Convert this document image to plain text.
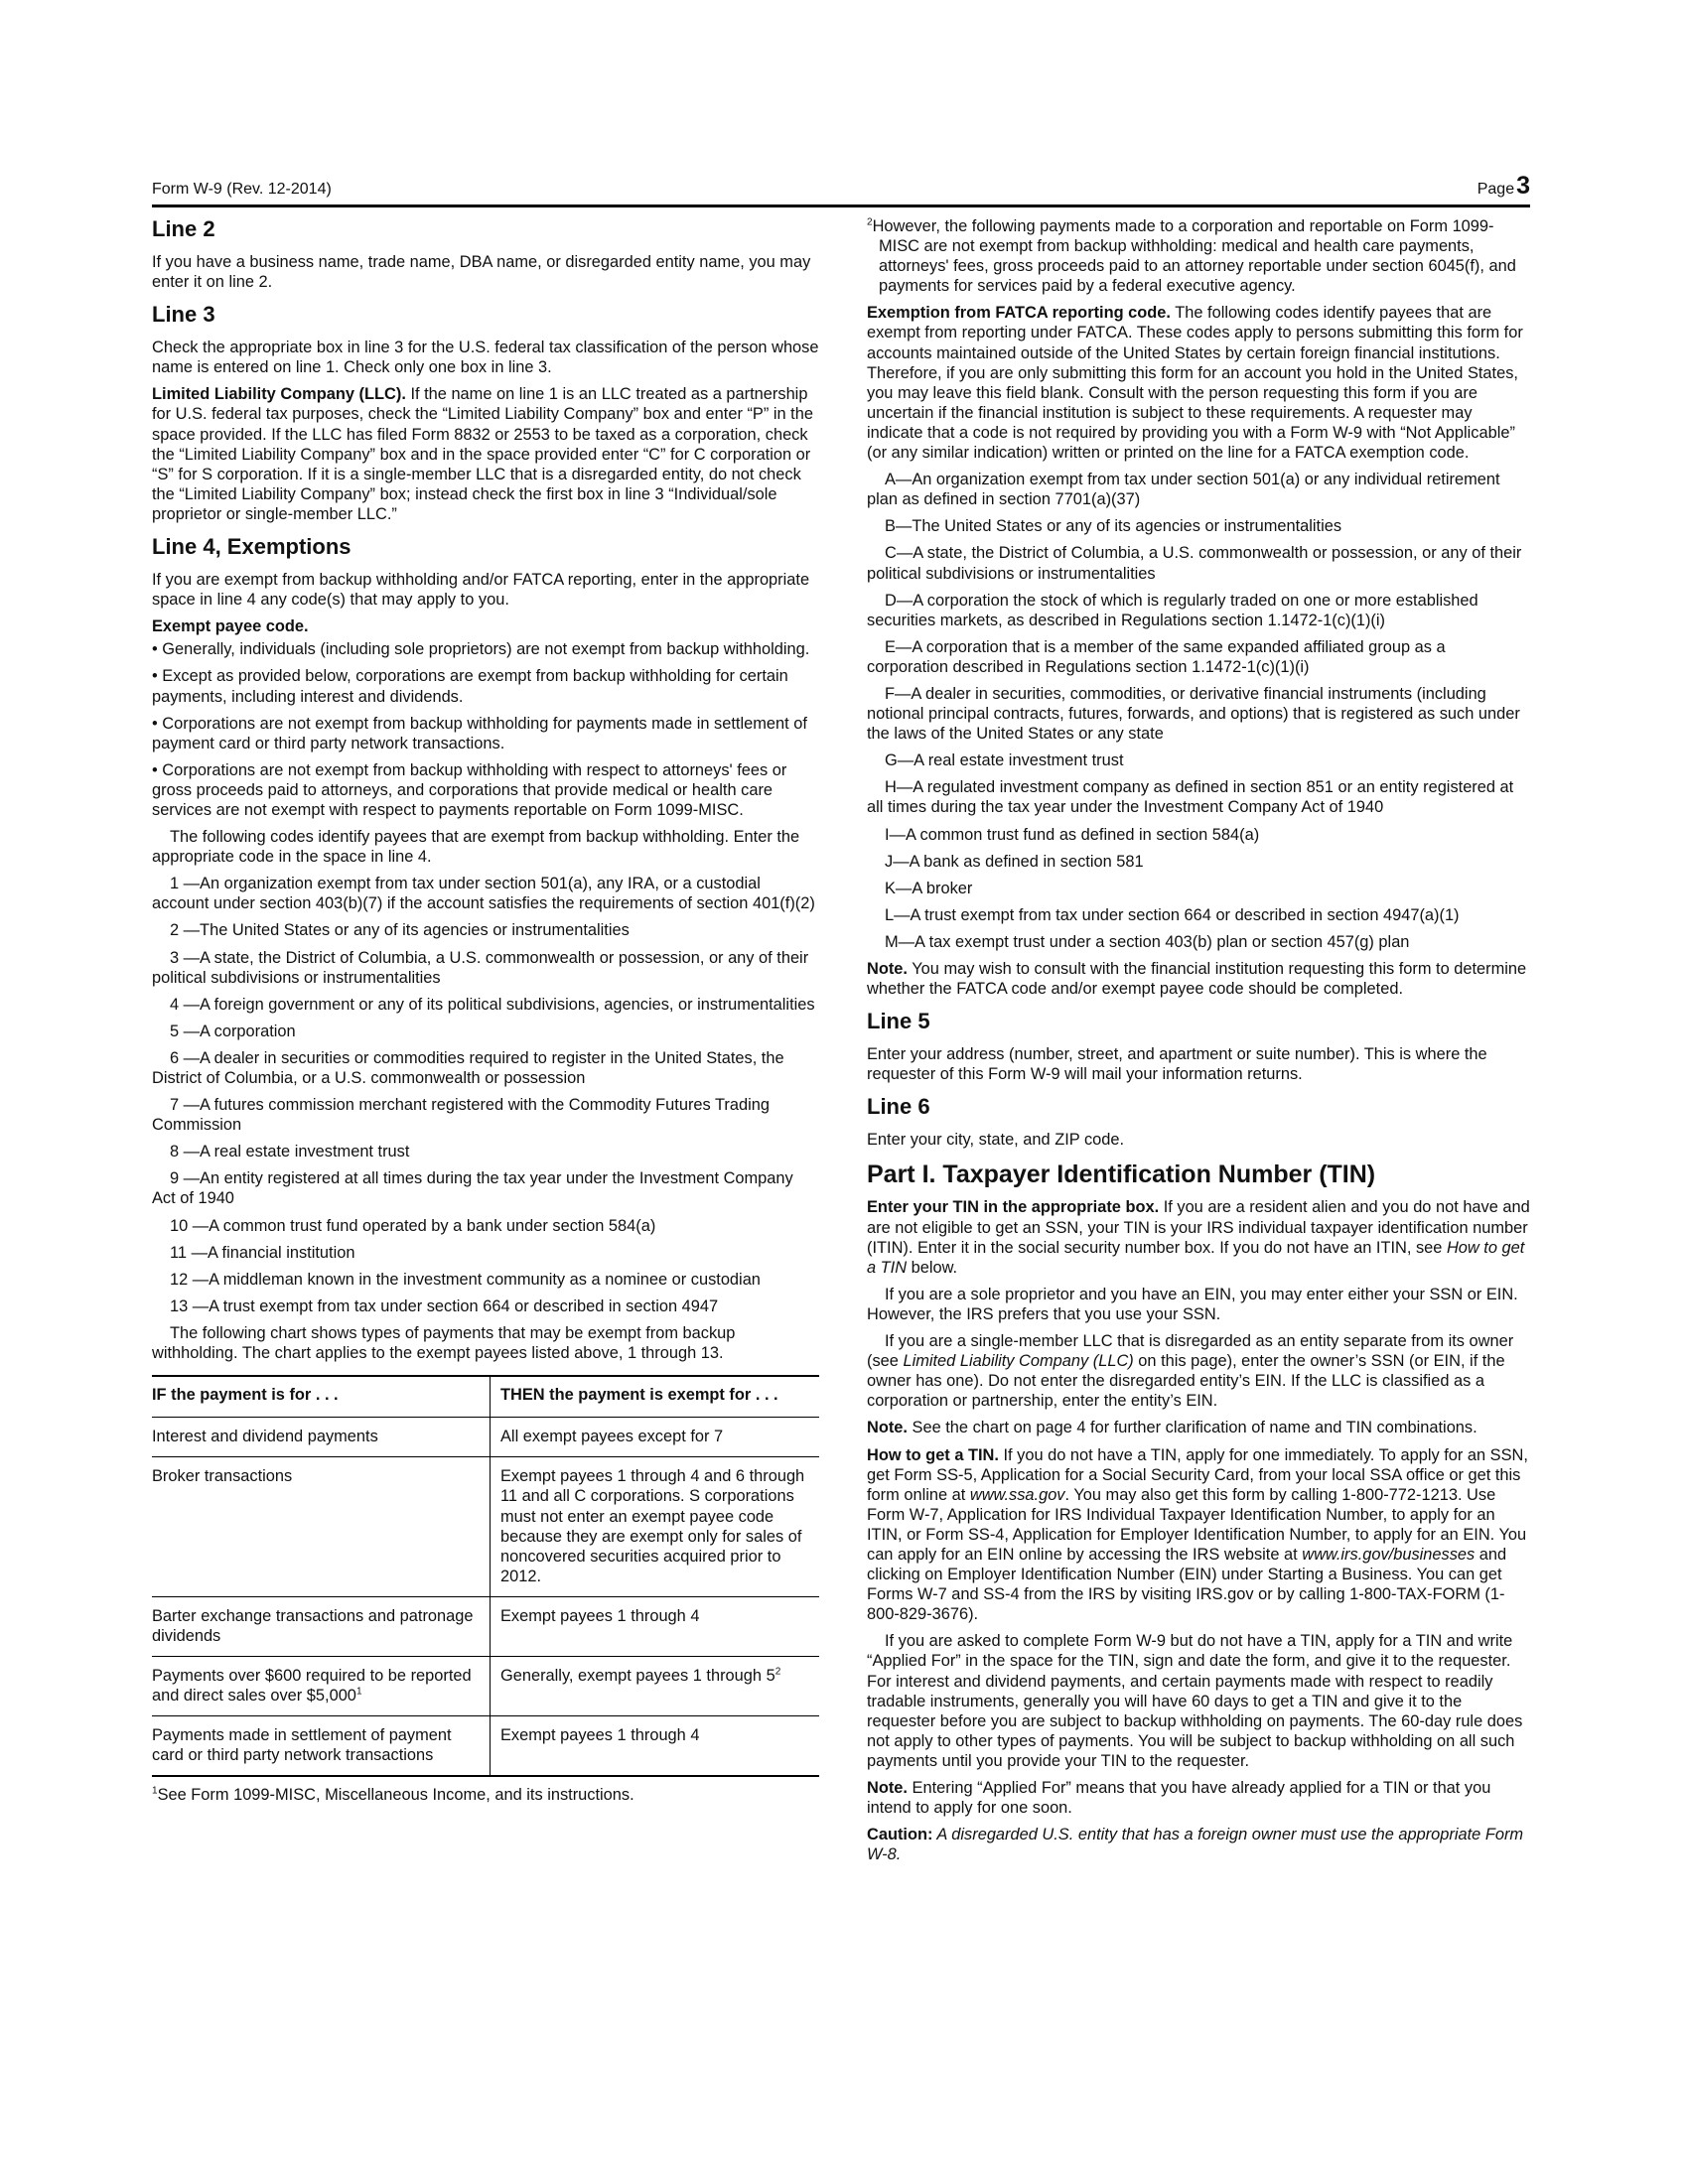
Form W-9 (Rev. 12-2014)	Page3
Line 2

If you have a business name, trade name, DBA name, or disregarded entity name, you may enter it on line 2.

Line 3

Check the appropriate box in line 3 for the U.S. federal tax classification of the person whose name is entered on line 1. Check only one box in line 3.

Limited Liability Company (LLC). If the name on line 1 is an LLC treated as a partnership for U.S. federal tax purposes, check the “Limited Liability Company” box and enter “P” in the space provided. If the LLC has filed Form 8832 or 2553 to be taxed as a corporation, check the “Limited Liability Company” box and in the space provided enter “C” for C corporation or “S” for S corporation. If it is a single-member LLC that is a disregarded entity, do not check the “Limited Liability Company” box; instead check the first box in line 3 “Individual/sole proprietor or single-member LLC.”

Line 4, Exemptions

If you are exempt from backup withholding and/or FATCA reporting, enter in the appropriate space in line 4 any code(s) that may apply to you.

Exempt payee code.

• Generally, individuals (including sole proprietors) are not exempt from backup withholding.

• Except as provided below, corporations are exempt from backup withholding for certain payments, including interest and dividends.

• Corporations are not exempt from backup withholding for payments made in settlement of payment card or third party network transactions.

• Corporations are not exempt from backup withholding with respect to attorneys' fees or gross proceeds paid to attorneys, and corporations that provide medical or health care services are not exempt with respect to payments reportable on Form 1099-MISC.

The following codes identify payees that are exempt from backup withholding. Enter the appropriate code in the space in line 4.

1 —An organization exempt from tax under section 501(a), any IRA, or a custodial account under section 403(b)(7) if the account satisfies the requirements of section 401(f)(2)

2 —The United States or any of its agencies or instrumentalities

3 —A state, the District of Columbia, a U.S. commonwealth or possession, or any of their political subdivisions or instrumentalities

4 —A foreign government or any of its political subdivisions, agencies, or instrumentalities

5 —A corporation

6 —A dealer in securities or commodities required to register in the United States, the District of Columbia, or a U.S. commonwealth or possession

7 —A futures commission merchant registered with the Commodity Futures Trading Commission

8 —A real estate investment trust

9 —An entity registered at all times during the tax year under the Investment Company Act of 1940

10 —A common trust fund operated by a bank under section 584(a)

11 —A financial institution

12 —A middleman known in the investment community as a nominee or custodian

13 —A trust exempt from tax under section 664 or described in section 4947

The following chart shows types of payments that may be exempt from backup withholding. The chart applies to the exempt payees listed above, 1 through 13.

IF the payment is for . . .	THEN the payment is exempt for . . .
Interest and dividend payments	All exempt payees except for 7
Broker transactions	Exempt payees 1 through 4 and 6 through 11 and all C corporations. S corporations must not enter an exempt payee code because they are exempt only for sales of noncovered securities acquired prior to 2012.
Barter exchange transactions and patronage dividends	Exempt payees 1 through 4
Payments over $600 required to be reported and direct sales over $5,000$^1$	Generally, exempt payees 1 through $5^2$
Payments made in settlement of payment card or third party network transactions	Exempt payees 1 through 4
$^1$See Form 1099-MISC, Miscellaneous Income, and its instructions.

$^2$However, the following payments made to a corporation and reportable on Form 1099-MISC are not exempt from backup withholding: medical and health care payments, attorneys' fees, gross proceeds paid to an attorney reportable under section 6045(f), and payments for services paid by a federal executive agency.

Exemption from FATCA reporting code. The following codes identify payees that are exempt from reporting under FATCA. These codes apply to persons submitting this form for accounts maintained outside of the United States by certain foreign financial institutions. Therefore, if you are only submitting this form for an account you hold in the United States, you may leave this field blank. Consult with the person requesting this form if you are uncertain if the financial institution is subject to these requirements. A requester may indicate that a code is not required by providing you with a Form W-9 with “Not Applicable” (or any similar indication) written or printed on the line for a FATCA exemption code.

A—An organization exempt from tax under section 501(a) or any individual retirement plan as defined in section 7701(a)(37)

B—The United States or any of its agencies or instrumentalities

C—A state, the District of Columbia, a U.S. commonwealth or possession, or any of their political subdivisions or instrumentalities

D—A corporation the stock of which is regularly traded on one or more established securities markets, as described in Regulations section 1.1472-1(c)(1)(i)

E—A corporation that is a member of the same expanded affiliated group as a corporation described in Regulations section 1.1472-1(c)(1)(i)

F—A dealer in securities, commodities, or derivative financial instruments (including notional principal contracts, futures, forwards, and options) that is registered as such under the laws of the United States or any state

G—A real estate investment trust

H—A regulated investment company as defined in section 851 or an entity registered at all times during the tax year under the Investment Company Act of 1940

I—A common trust fund as defined in section 584(a)

J—A bank as defined in section 581

K—A broker

L—A trust exempt from tax under section 664 or described in section 4947(a)(1)

M—A tax exempt trust under a section 403(b) plan or section 457(g) plan

Note. You may wish to consult with the financial institution requesting this form to determine whether the FATCA code and/or exempt payee code should be completed.

Line 5

Enter your address (number, street, and apartment or suite number). This is where the requester of this Form W-9 will mail your information returns.

Line 6

Enter your city, state, and ZIP code.

Part I. Taxpayer Identification Number (TIN)

Enter your TIN in the appropriate box. If you are a resident alien and you do not have and are not eligible to get an SSN, your TIN is your IRS individual taxpayer identification number (ITIN). Enter it in the social security number box. If you do not have an ITIN, see How to get a TIN below.

If you are a sole proprietor and you have an EIN, you may enter either your SSN or EIN. However, the IRS prefers that you use your SSN.

If you are a single-member LLC that is disregarded as an entity separate from its owner (see Limited Liability Company (LLC) on this page), enter the owner’s SSN (or EIN, if the owner has one). Do not enter the disregarded entity’s EIN. If the LLC is classified as a corporation or partnership, enter the entity’s EIN.

Note. See the chart on page 4 for further clarification of name and TIN combinations.

How to get a TIN. If you do not have a TIN, apply for one immediately. To apply for an SSN, get Form SS-5, Application for a Social Security Card, from your local SSA office or get this form online at www.ssa.gov. You may also get this form by calling 1-800-772-1213. Use Form W-7, Application for IRS Individual Taxpayer Identification Number, to apply for an ITIN, or Form SS-4, Application for Employer Identification Number, to apply for an EIN. You can apply for an EIN online by accessing the IRS website at www.irs.gov/businesses and clicking on Employer Identification Number (EIN) under Starting a Business. You can get Forms W-7 and SS-4 from the IRS by visiting IRS.gov or by calling 1-800-TAX-FORM (1-800-829-3676).

If you are asked to complete Form W-9 but do not have a TIN, apply for a TIN and write “Applied For” in the space for the TIN, sign and date the form, and give it to the requester. For interest and dividend payments, and certain payments made with respect to readily tradable instruments, generally you will have 60 days to get a TIN and give it to the requester before you are subject to backup withholding on payments. The 60-day rule does not apply to other types of payments. You will be subject to backup withholding on all such payments until you provide your TIN to the requester.

Note. Entering “Applied For” means that you have already applied for a TIN or that you intend to apply for one soon.

Caution: A disregarded U.S. entity that has a foreign owner must use the appropriate Form W-8.
